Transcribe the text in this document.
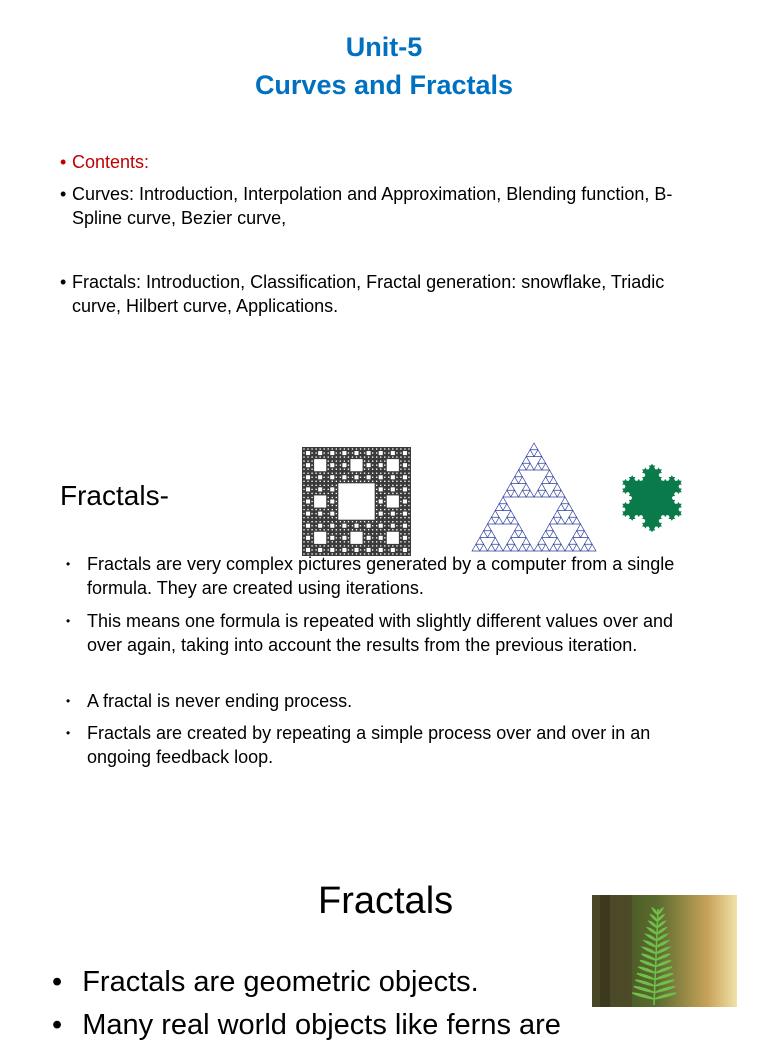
Unit-5
Curves and Fractals
• Contents:
• Curves: Introduction, Interpolation and Approximation, Blending function, B-Spline curve, Bezier curve,
• Fractals: Introduction, Classification, Fractal generation: snowflake, Triadic curve, Hilbert curve, Applications.
Fractals-
• Fractals are very complex pictures generated by a computer from a single formula. They are created using iterations.
• This means one formula is repeated with slightly different values over and over again, taking into account the results from the previous iteration.
• A fractal is never ending process.
• Fractals are created by repeating a simple process over and over in an ongoing feedback loop.
Fractals
• Fractals are geometric objects.
• Many real world objects like ferns are
